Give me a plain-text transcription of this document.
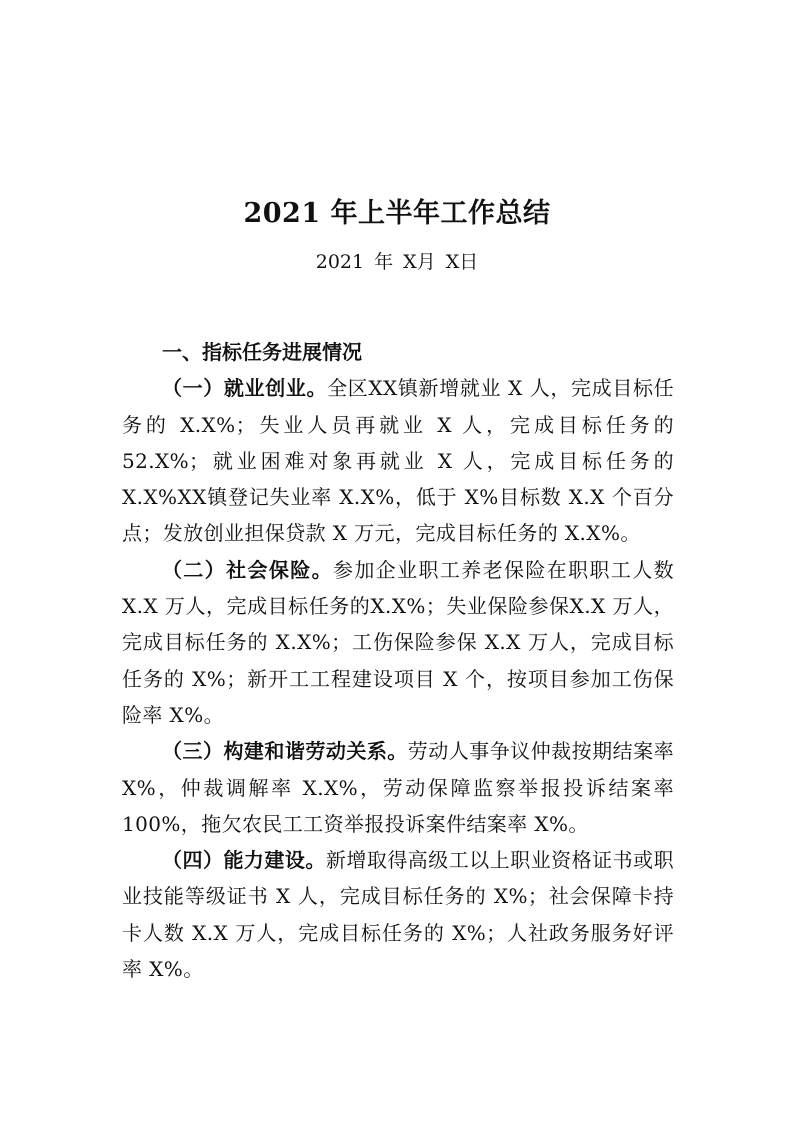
2021 年上半年工作总结
2021 年 X月 X日

一、指标任务进展情况

（一）就业创业。全区XX镇新增就业 X 人，完成目标任务的 X.X%；失业人员再就业 X 人，完成目标任务的 52.X%；就业困难对象再就业 X 人，完成目标任务的 X.X%XX镇登记失业率 X.X%，低于 X%目标数 X.X 个百分点；发放创业担保贷款 X 万元，完成目标任务的 X.X%。

（二）社会保险。参加企业职工养老保险在职职工人数X.X 万人，完成目标任务的X.X%；失业保险参保X.X 万人，完成目标任务的 X.X%；工伤保险参保 X.X 万人，完成目标任务的 X%；新开工工程建设项目 X 个，按项目参加工伤保险率 X%。

（三）构建和谐劳动关系。劳动人事争议仲裁按期结案率 X%，仲裁调解率 X.X%，劳动保障监察举报投诉结案率 100%，拖欠农民工工资举报投诉案件结案率 X%。

（四）能力建设。新增取得高级工以上职业资格证书或职业技能等级证书 X 人，完成目标任务的 X%；社会保障卡持卡人数 X.X 万人，完成目标任务的 X%；人社政务服务好评率 X%。
